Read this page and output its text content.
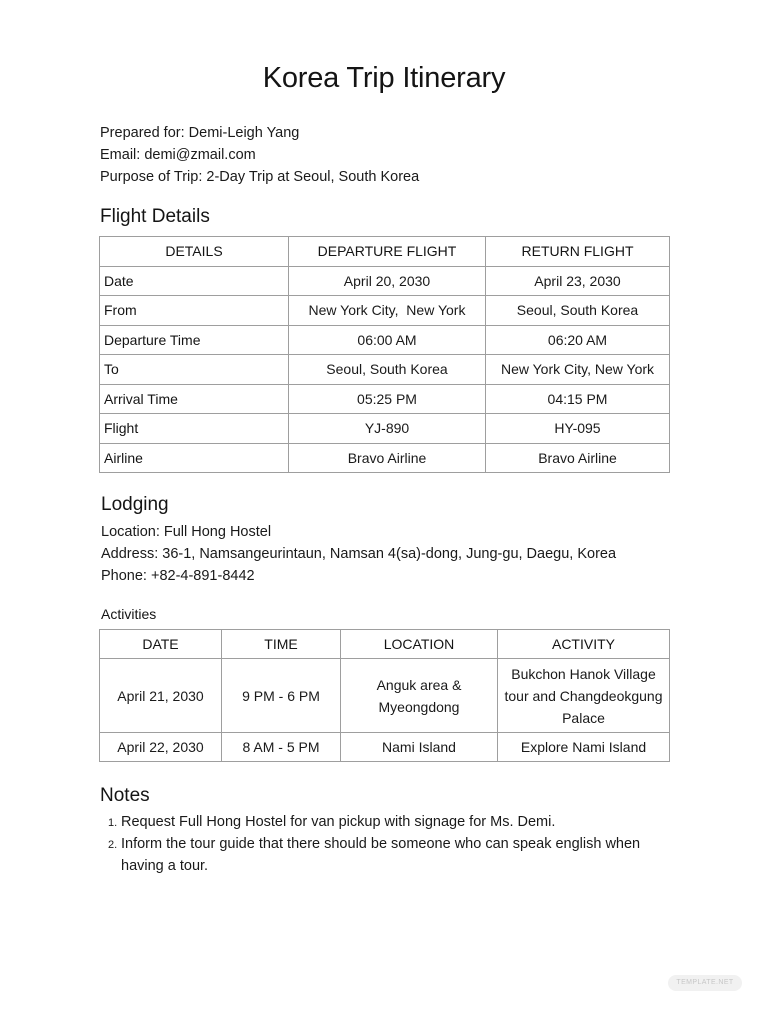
Korea Trip Itinerary
Prepared for: Demi-Leigh Yang
Email: demi@zmail.com
Purpose of Trip: 2-Day Trip at Seoul, South Korea
Flight Details
DETAILS	DEPARTURE FLIGHT	RETURN FLIGHT
Date	April 20, 2030	April 23, 2030
From	New York City,  New York	Seoul, South Korea
Departure Time	06:00 AM	06:20 AM
To	Seoul, South Korea	New York City, New York
Arrival Time	05:25 PM	04:15 PM
Flight	YJ-890	HY-095
Airline	Bravo Airline	Bravo Airline
Lodging
Location: Full Hong Hostel
Address: 36-1, Namsangeurintaun, Namsan 4(sa)-dong, Jung-gu, Daegu, Korea
Phone: +82-4-891-8442
Activities
DATE	TIME	LOCATION	ACTIVITY
April 21, 2030	9 PM - 6 PM	Anguk area & Myeongdong	Bukchon Hanok Village tour and Changdeokgung Palace
April 22, 2030	8 AM - 5 PM	Nami Island	Explore Nami Island
Notes
1. Request Full Hong Hostel for van pickup with signage for Ms. Demi.
2. Inform the tour guide that there should be someone who can speak english when having a tour.
TEMPLATE.NET
